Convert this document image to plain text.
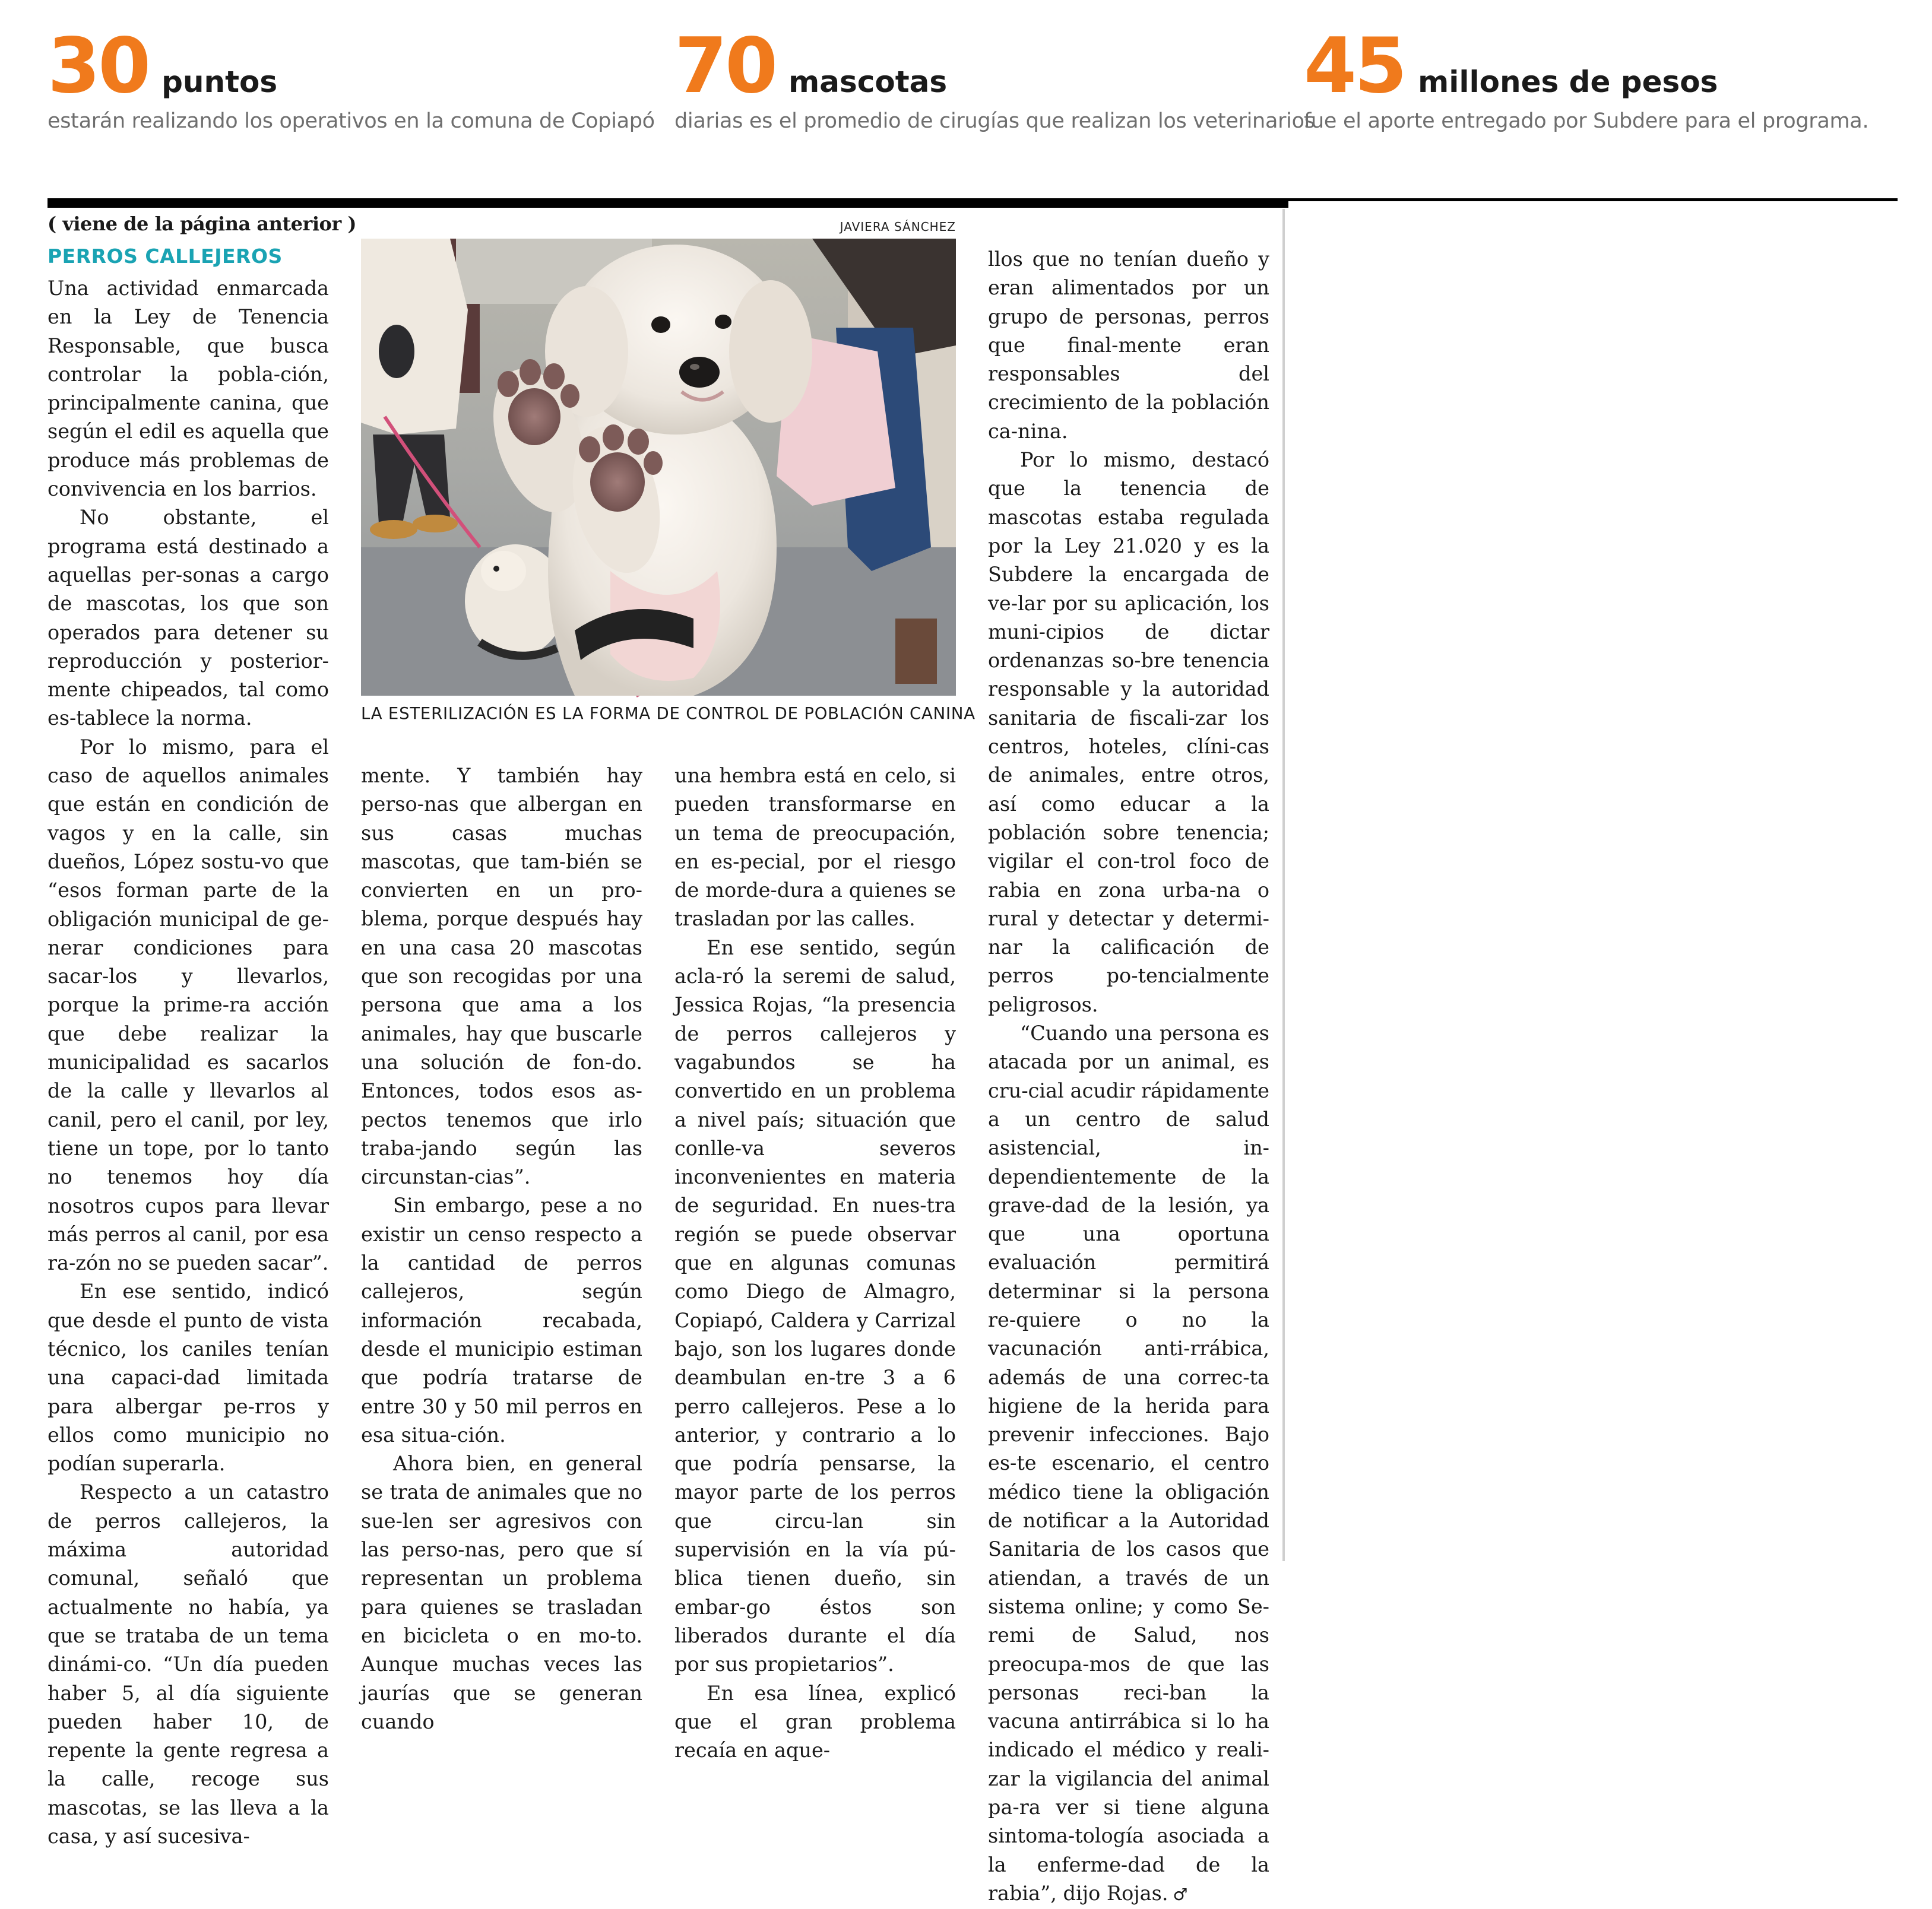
30 puntos
estarán realizando los operativos en la comuna de Copiapó
70 mascotas
diarias es el promedio de cirugías que realizan los veterinarios
45 millones de pesos
fue el aporte entregado por Subdere para el programa.
( viene de la página anterior )
PERROS CALLEJEROS
JAVIERA SÁNCHEZ
LA ESTERILIZACIÓN ES LA FORMA DE CONTROL DE POBLACIÓN CANINA

Una actividad enmarcada en la Ley de Tenencia Responsable, que busca controlar la pobla-ción, principalmente canina, que según el edil es aquella que produce más problemas de convivencia en los barrios.

No obstante, el programa está destinado a aquellas per-sonas a cargo de mascotas, los que son operados para detener su reproducción y posterior-mente chipeados, tal como es-tablece la norma.

Por lo mismo, para el caso de aquellos animales que están en condición de vagos y en la calle, sin dueños, López sostu-vo que “esos forman parte de la obligación municipal de ge-nerar condiciones para sacar-los y llevarlos, porque la prime-ra acción que debe realizar la municipalidad es sacarlos de la calle y llevarlos al canil, pero el canil, por ley, tiene un tope, por lo tanto no tenemos hoy día nosotros cupos para llevar más perros al canil, por esa ra-zón no se pueden sacar”.

En ese sentido, indicó que desde el punto de vista técnico, los caniles tenían una capaci-dad limitada para albergar pe-rros y ellos como municipio no podían superarla.

Respecto a un catastro de perros callejeros, la máxima autoridad comunal, señaló que actualmente no había, ya que se trataba de un tema dinámi-co. “Un día pueden haber 5, al día siguiente pueden haber 10, de repente la gente regresa a la calle, recoge sus mascotas, se las lleva a la casa, y así sucesiva-

mente. Y también hay perso-nas que albergan en sus casas muchas mascotas, que tam-bién se convierten en un pro-blema, porque después hay en una casa 20 mascotas que son recogidas por una persona que ama a los animales, hay que buscarle una solución de fon-do. Entonces, todos esos as-pectos tenemos que irlo traba-jando según las circunstan-cias”.

Sin embargo, pese a no existir un censo respecto a la cantidad de perros callejeros, según información recabada, desde el municipio estiman que podría tratarse de entre 30 y 50 mil perros en esa situa-ción.

Ahora bien, en general se trata de animales que no sue-len ser agresivos con las perso-nas, pero que sí representan un problema para quienes se trasladan en bicicleta o en mo-to. Aunque muchas veces las jaurías que se generan cuando

una hembra está en celo, si pueden transformarse en un tema de preocupación, en es-pecial, por el riesgo de morde-dura a quienes se trasladan por las calles.

En ese sentido, según acla-ró la seremi de salud, Jessica Rojas, “la presencia de perros callejeros y vagabundos se ha convertido en un problema a nivel país; situación que conlle-va severos inconvenientes en materia de seguridad. En nues-tra región se puede observar que en algunas comunas como Diego de Almagro, Copiapó, Caldera y Carrizal bajo, son los lugares donde deambulan en-tre 3 a 6 perro callejeros. Pese a lo anterior, y contrario a lo que podría pensarse, la mayor parte de los perros que circu-lan sin supervisión en la vía pú-blica tienen dueño, sin embar-go éstos son liberados durante el día por sus propietarios”.

En esa línea, explicó que el gran problema recaía en aque-

llos que no tenían dueño y eran alimentados por un grupo de personas, perros que final-mente eran responsables del crecimiento de la población ca-nina.

Por lo mismo, destacó que la tenencia de mascotas estaba regulada por la Ley 21.020 y es la Subdere la encargada de ve-lar por su aplicación, los muni-cipios de dictar ordenanzas so-bre tenencia responsable y la autoridad sanitaria de fiscali-zar los centros, hoteles, clíni-cas de animales, entre otros, así como educar a la población sobre tenencia; vigilar el con-trol foco de rabia en zona urba-na o rural y detectar y determi-nar la calificación de perros po-tencialmente peligrosos.

“Cuando una persona es atacada por un animal, es cru-cial acudir rápidamente a un centro de salud asistencial, in-dependientemente de la grave-dad de la lesión, ya que una oportuna evaluación permitirá determinar si la persona re-quiere o no la vacunación anti-rrábica, además de una correc-ta higiene de la herida para prevenir infecciones. Bajo es-te escenario, el centro médico tiene la obligación de notificar a la Autoridad Sanitaria de los casos que atiendan, a través de un sistema online; y como Se-remi de Salud, nos preocupa-mos de que las personas reci-ban la vacuna antirrábica si lo ha indicado el médico y reali-zar la vigilancia del animal pa-ra ver si tiene alguna sintoma-tología asociada a la enferme-dad de la rabia”, dijo Rojas. ♂
